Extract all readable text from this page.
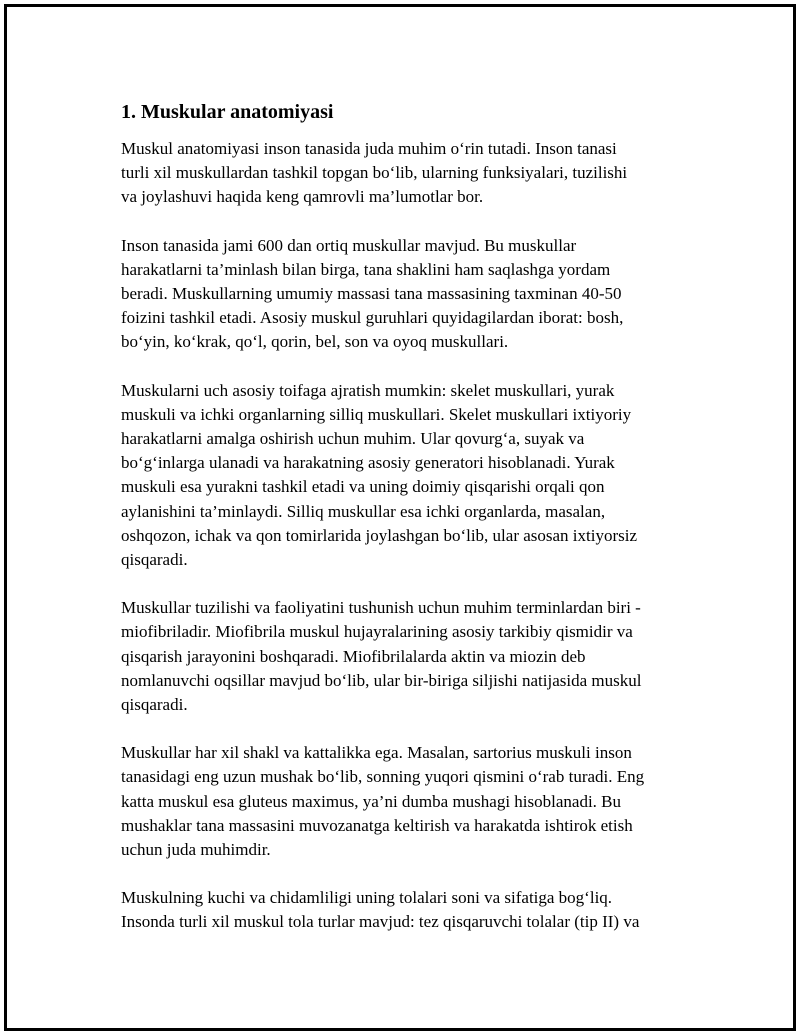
1. Muskular anatomiyasi

Muskul anatomiyasi inson tanasida juda muhim o‘rin tutadi. Inson tanasi
turli xil muskullardan tashkil topgan bo‘lib, ularning funksiyalari, tuzilishi
va joylashuvi haqida keng qamrovli ma’lumotlar bor.

Inson tanasida jami 600 dan ortiq muskullar mavjud. Bu muskullar
harakatlarni ta’minlash bilan birga, tana shaklini ham saqlashga yordam
beradi. Muskullarning umumiy massasi tana massasining taxminan 40-50
foizini tashkil etadi. Asosiy muskul guruhlari quyidagilardan iborat: bosh,
bo‘yin, ko‘krak, qo‘l, qorin, bel, son va oyoq muskullari.

Muskularni uch asosiy toifaga ajratish mumkin: skelet muskullari, yurak
muskuli va ichki organlarning silliq muskullari. Skelet muskullari ixtiyoriy
harakatlarni amalga oshirish uchun muhim. Ular qovurg‘a, suyak va
bo‘g‘inlarga ulanadi va harakatning asosiy generatori hisoblanadi. Yurak
muskuli esa yurakni tashkil etadi va uning doimiy qisqarishi orqali qon
aylanishini ta’minlaydi. Silliq muskullar esa ichki organlarda, masalan,
oshqozon, ichak va qon tomirlarida joylashgan bo‘lib, ular asosan ixtiyorsiz
qisqaradi.

Muskullar tuzilishi va faoliyatini tushunish uchun muhim terminlardan biri -
miofibriladir. Miofibrila muskul hujayralarining asosiy tarkibiy qismidir va
qisqarish jarayonini boshqaradi. Miofibrilalarda aktin va miozin deb
nomlanuvchi oqsillar mavjud bo‘lib, ular bir-biriga siljishi natijasida muskul
qisqaradi.

Muskullar har xil shakl va kattalikka ega. Masalan, sartorius muskuli inson
tanasidagi eng uzun mushak bo‘lib, sonning yuqori qismini o‘rab turadi. Eng
katta muskul esa gluteus maximus, ya’ni dumba mushagi hisoblanadi. Bu
mushaklar tana massasini muvozanatga keltirish va harakatda ishtirok etish
uchun juda muhimdir.

Muskulning kuchi va chidamliligi uning tolalari soni va sifatiga bog‘liq.
Insonda turli xil muskul tola turlar mavjud: tez qisqaruvchi tolalar (tip II) va
